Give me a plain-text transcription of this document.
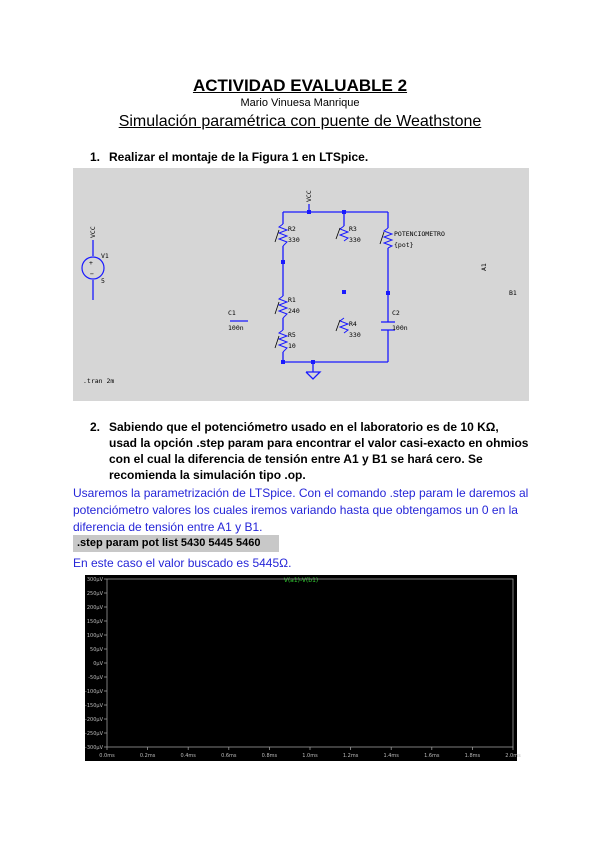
ACTIVIDAD EVALUABLE 2
Mario Vinuesa Manrique
Simulación paramétrica con puente de Weathstone
1. Realizar el montaje de la Figura 1 en LTSpice.
+
−
VCC
VCC
V1
5
R2
330
R3
330
POTENCIOMETRO
{pot}
R1
240
R5
10
R4
330
C1
100n
C2
100n
A1
B1
.tran 2m
2. Sabiendo que el potenciómetro usado en el laboratorio es de 10 KΩ, usad la opción .step param para encontrar el valor casi-exacto en ohmios con el cual la diferencia de tensión entre A1 y B1 se hará cero. Se recomienda la simulación tipo .op.
Usaremos la parametrización de LTSpice. Con el comando .step param le daremos al potenciómetro valores los cuales iremos variando hasta que obtengamos un 0 en la diferencia de tensión entre A1 y B1.
.step param pot list 5430 5445 5460
En este caso el valor buscado es 5445Ω.
V(a1)-V(b1)
300µV
250µV
200µV
150µV
100µV
50µV
0µV
-50µV
-100µV
-150µV
-200µV
-250µV
-300µV
0.0ms	0.2ms	0.4ms	0.6ms	0.8ms	1.0ms	1.2ms	1.4ms	1.6ms	1.8ms	2.0ms
